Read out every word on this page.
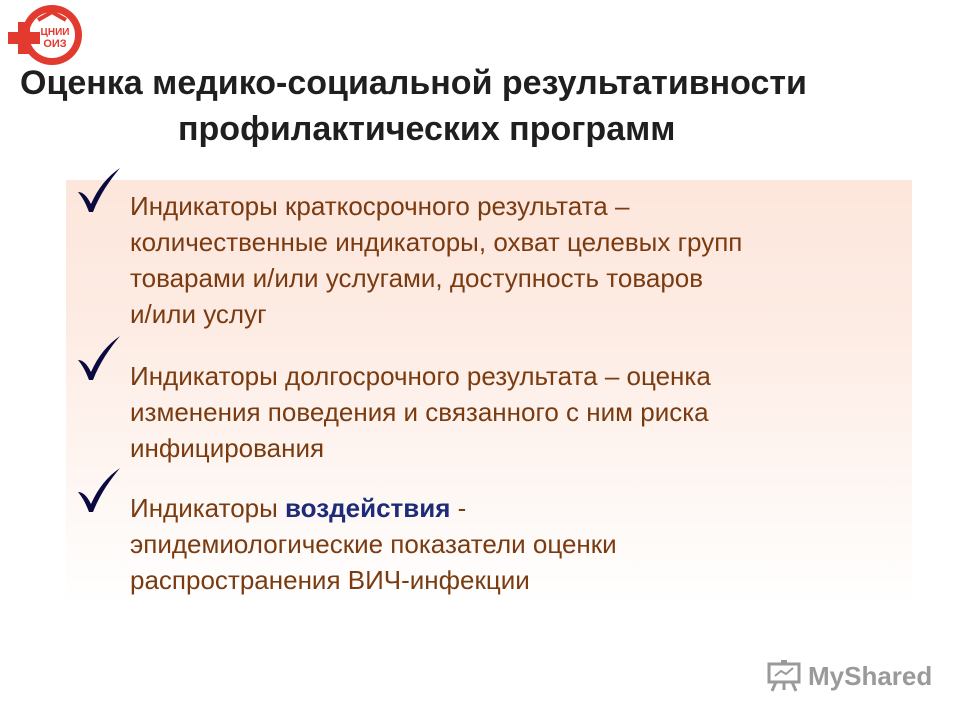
ЦНИИ
ОИЗ
Оценка медико-социальной результативности
профилактических программ
Индикаторы краткосрочного результата –
количественные индикаторы, охват целевых групп
товарами и/или услугами, доступность товаров
и/или услуг
Индикаторы долгосрочного результата – оценка
изменения поведения и связанного с ним риска
инфицирования
Индикаторы воздействия -
эпидемиологические показатели оценки
распространения ВИЧ-инфекции
MyShared
